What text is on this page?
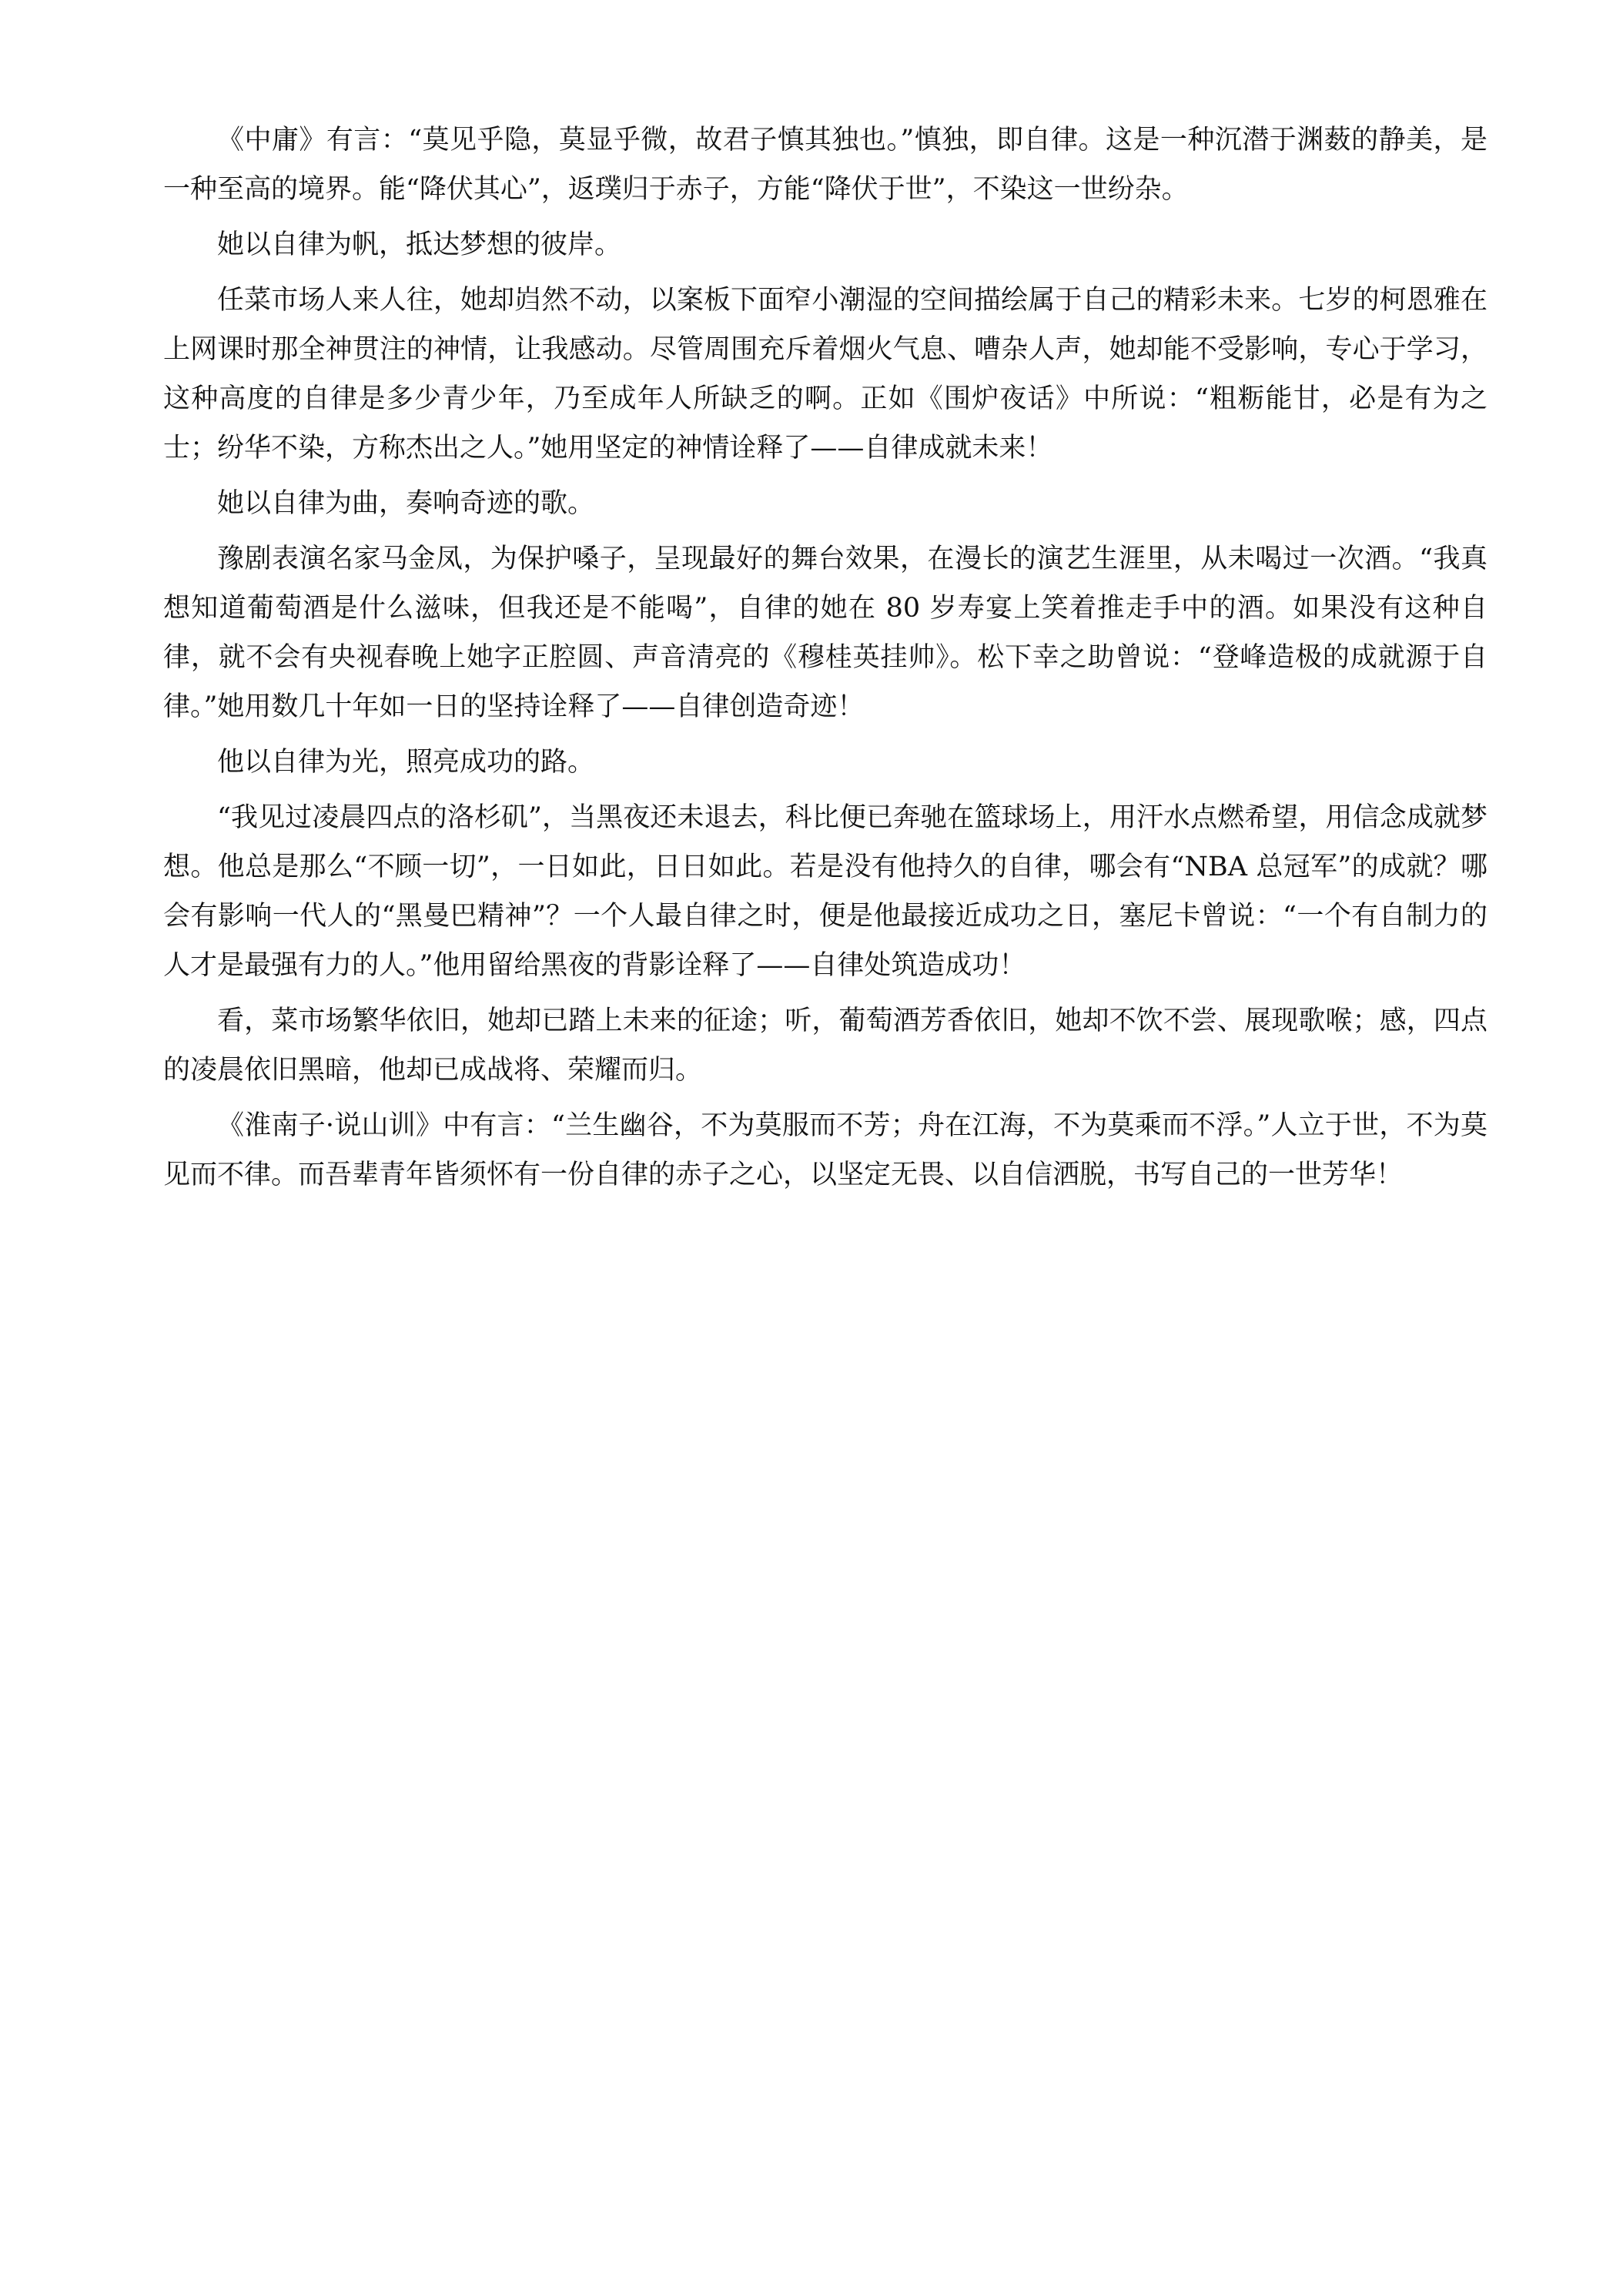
《中庸》有言：“莫见乎隐，莫显乎微，故君子慎其独也。”慎独，即自律。这是一种沉潜于渊薮的静美，是一种至高的境界。能“降伏其心”，返璞归于赤子，方能“降伏于世”，不染这一世纷杂。

她以自律为帆，抵达梦想的彼岸。

任菜市场人来人往，她却岿然不动，以案板下面窄小潮湿的空间描绘属于自己的精彩未来。七岁的柯恩雅在上网课时那全神贯注的神情，让我感动。尽管周围充斥着烟火气息、嘈杂人声，她却能不受影响，专心于学习，这种高度的自律是多少青少年，乃至成年人所缺乏的啊。正如《围炉夜话》中所说：“粗粝能甘，必是有为之士；纷华不染，方称杰出之人。”她用坚定的神情诠释了——自律成就未来！

她以自律为曲，奏响奇迹的歌。

豫剧表演名家马金凤，为保护嗓子，呈现最好的舞台效果，在漫长的演艺生涯里，从未喝过一次酒。“我真想知道葡萄酒是什么滋味，但我还是不能喝”，自律的她在 80 岁寿宴上笑着推走手中的酒。如果没有这种自律，就不会有央视春晚上她字正腔圆、声音清亮的《穆桂英挂帅》。松下幸之助曾说：“登峰造极的成就源于自律。”她用数几十年如一日的坚持诠释了——自律创造奇迹！

他以自律为光，照亮成功的路。

“我见过凌晨四点的洛杉矶”，当黑夜还未退去，科比便已奔驰在篮球场上，用汗水点燃希望，用信念成就梦想。他总是那么“不顾一切”，一日如此，日日如此。若是没有他持久的自律，哪会有“NBA 总冠军”的成就？哪会有影响一代人的“黑曼巴精神”？一个人最自律之时，便是他最接近成功之日，塞尼卡曾说：“一个有自制力的人才是最强有力的人。”他用留给黑夜的背影诠释了——自律处筑造成功！

看，菜市场繁华依旧，她却已踏上未来的征途；听，葡萄酒芳香依旧，她却不饮不尝、展现歌喉；感，四点的凌晨依旧黑暗，他却已成战将、荣耀而归。

《淮南子·说山训》中有言：“兰生幽谷，不为莫服而不芳；舟在江海，不为莫乘而不浮。”人立于世，不为莫见而不律。而吾辈青年皆须怀有一份自律的赤子之心，以坚定无畏、以自信洒脱，书写自己的一世芳华！
